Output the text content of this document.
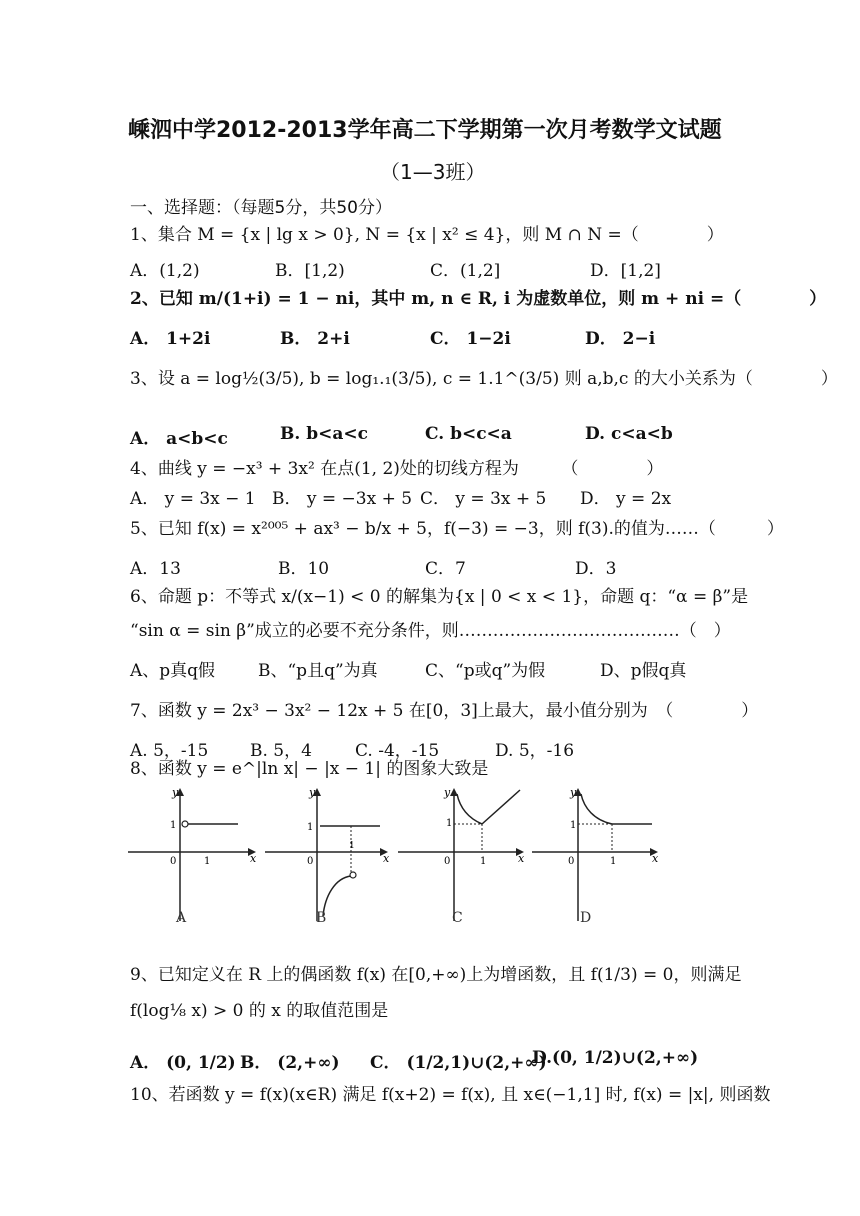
嵊泗中学2012-2013学年高二下学期第一次月考数学文试题
（1—3班）
一、选择题：（每题5分，共50分）
1、集合 M = {x | lg x > 0}, N = {x | x² ≤ 4}，则 M ∩ N =（　　　　）
A．(1,2)	B．[1,2)	C．(1,2]	D．[1,2]
2、已知 m/(1+i) = 1 − ni，其中 m, n ∈ R, i 为虚数单位，则 m + ni =（　　　　）
A． 1+2i	B． 2+i	C． 1−2i	D． 2−i
3、设 a = log½(3/5), b = log₁.₁(3/5), c = 1.1^(3/5) 则 a,b,c 的大小关系为（　　　　）
A． a<b<c	B. b<a<c	C. b<c<a	D. c<a<b
4、曲线 y = −x³ + 3x² 在点(1, 2)处的切线方程为　　　（　　　　）
A． y = 3x − 1 B． y = −3x + 5 C． y = 3x + 5 D． y = 2x
5、已知 f(x) = x²⁰⁰⁵ + ax³ − b/x + 5，f(−3) = −3，则 f(3).的值为……（　　　）
A．13	B．10	C．7	D．3
6、命题 p：不等式 x/(x−1) < 0 的解集为{x | 0 < x < 1}，命题 q：“α = β”是
“sin α = sin β”成立的必要不充分条件，则…………………………………（　）
A、p真q假	B、“p且q”为真	C、“p或q”为假	D、p假q真
7、函数 y = 2x³ − 3x² − 12x + 5 在[0，3]上最大，最小值分别为　（　　　　）
A. 5，-15 B. 5，4	C. -4，-15	D. 5，-16
8、函数 y = e^|ln x| − |x − 1| 的图象大致是
y
x
0
1
1
A
y
x
0
1
1
B
y
x
0
1
1
C
y
x
0
1
1
D
9、已知定义在 R 上的偶函数 f(x) 在[0,+∞)上为增函数，且 f(1/3) = 0，则满足
f(log⅛ x) > 0 的 x 的取值范围是
A． (0, 1/2) B． (2,+∞) C． (1/2,1)∪(2,+∞)
D.(0, 1/2)∪(2,+∞)
10、若函数 y = f(x)(x∈R) 满足 f(x+2) = f(x), 且 x∈(−1,1] 时, f(x) = |x|, 则函数
